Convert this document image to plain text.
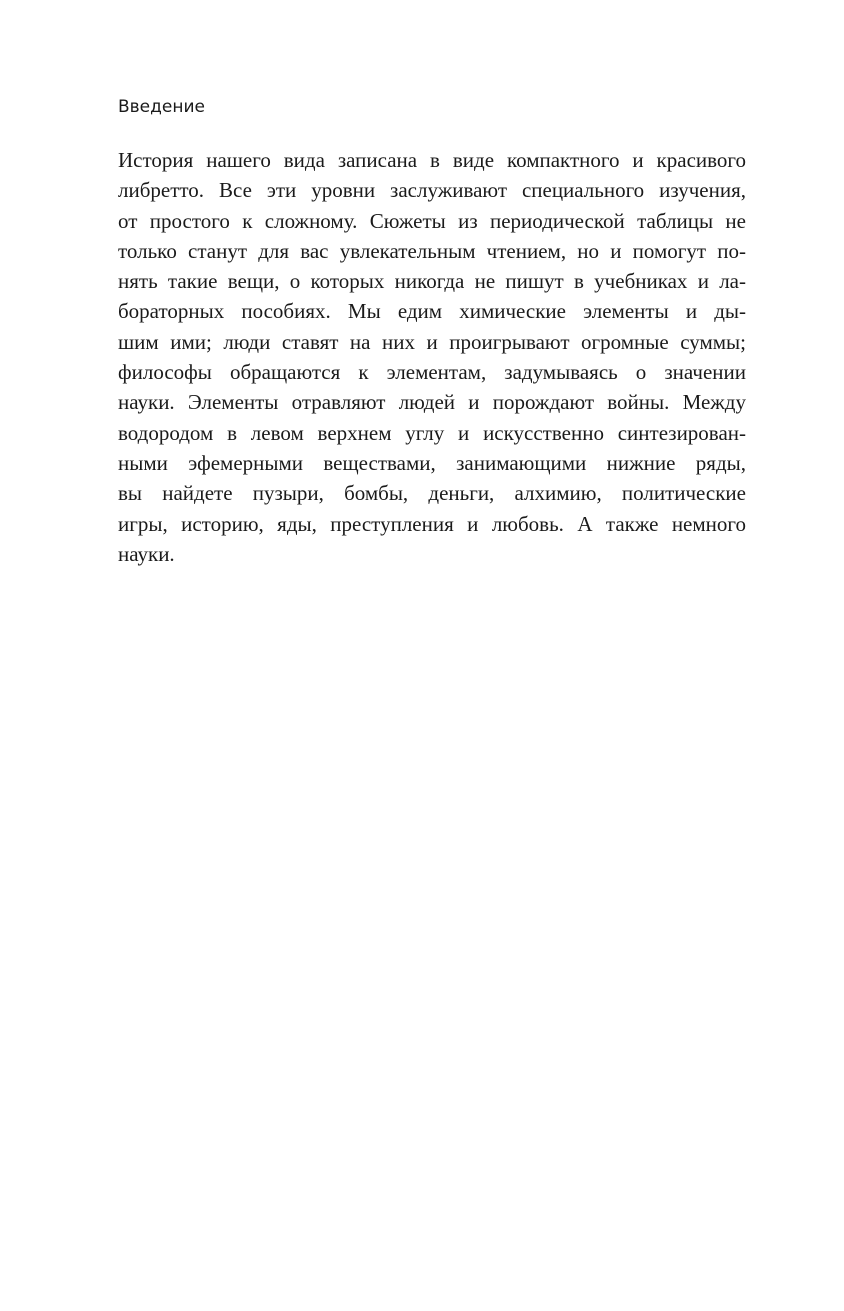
Введение

История нашего вида записана в виде компактного и красивого
либретто. Все эти уровни заслуживают специального изучения,
от простого к сложному. Сюжеты из периодической таблицы не
только станут для вас увлекательным чтением, но и помогут по-
нять такие вещи, о которых никогда не пишут в учебниках и ла-
бораторных пособиях. Мы едим химические элементы и ды-
шим ими; люди ставят на них и проигрывают огромные суммы;
философы обращаются к элементам, задумываясь о значении
науки. Элементы отравляют людей и порождают войны. Между
водородом в левом верхнем углу и искусственно синтезирован-
ными эфемерными веществами, занимающими нижние ряды,
вы найдете пузыри, бомбы, деньги, алхимию, политические
игры, историю, яды, преступления и любовь. А также немного
науки.
